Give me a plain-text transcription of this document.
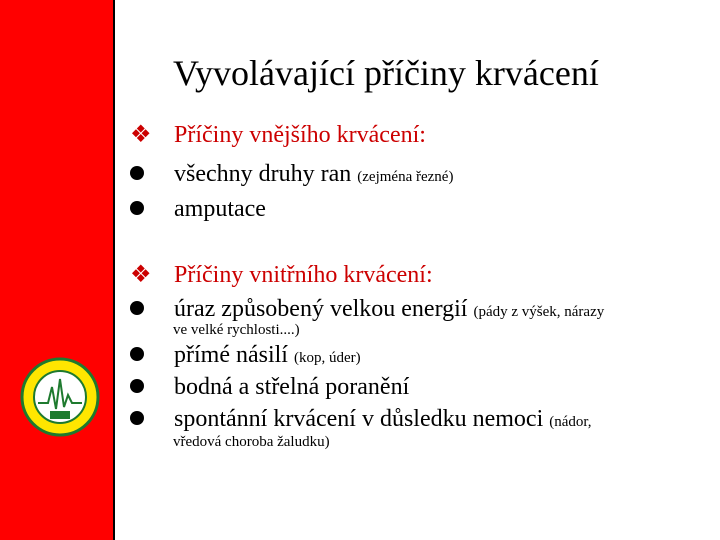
Vyvolávající příčiny krvácení
❖ Příčiny vnějšího krvácení:
všechny druhy ran (zejména řezné)
amputace
❖ Příčiny vnitřního krvácení:
úraz způsobený velkou energií (pády z výšek, nárazy
ve velké rychlosti....)
přímé násilí (kop, úder)
bodná a střelná poranění
spontánní krvácení v důsledku nemoci (nádor,
vředová choroba žaludku)
